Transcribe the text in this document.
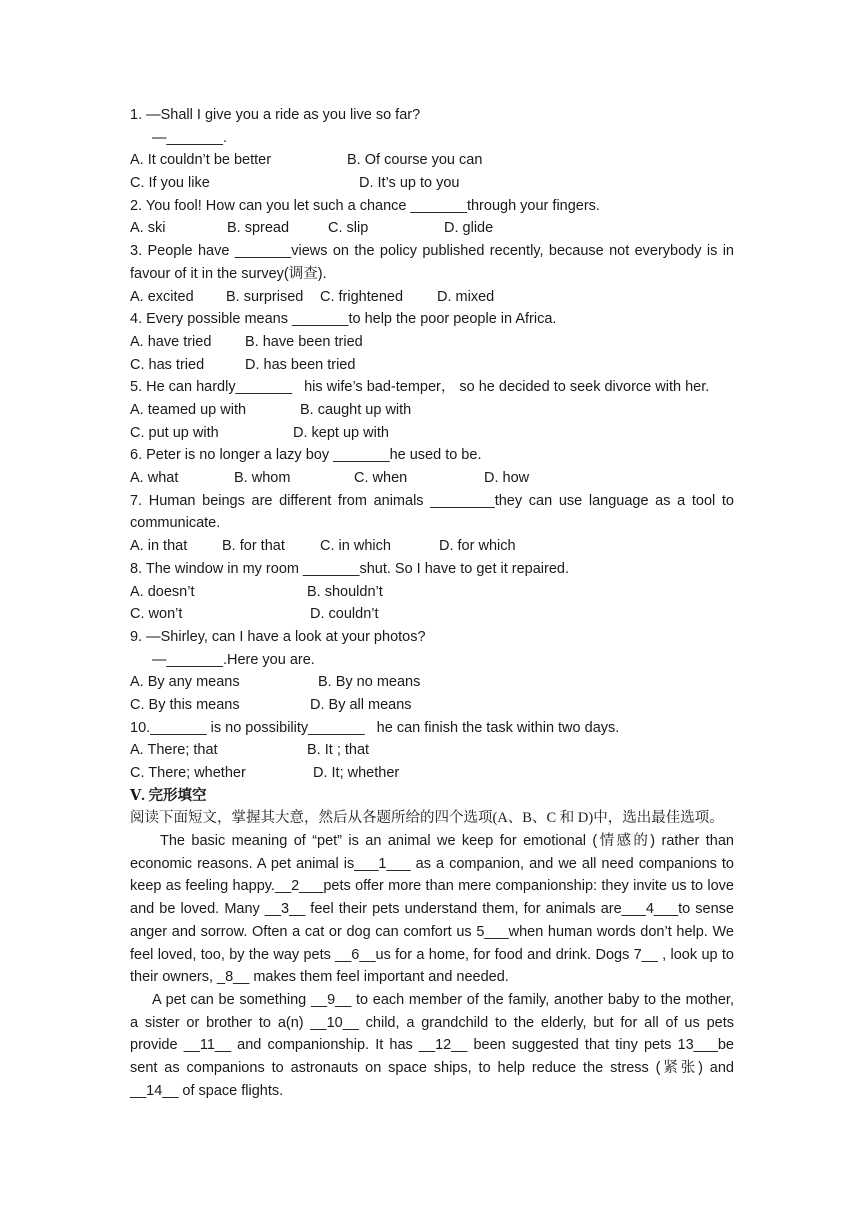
1. —Shall I give you a ride as you live so far?
—_______.
A. It couldn’t be better	B. Of course you can
C. If you like	D. It’s up to you
2. You fool! How can you let such a chance _______through your fingers.
A. ski	B. spread	C. slip	D. glide
3. People have _______views on the policy published recently, because not everybody is in favour of it in the survey(调查).
A. excited B. surprised C. frightened D. mixed
4. Every possible means _______to help the poor people in Africa.
A. have tried B. have been tried
C. has tried	D. has been tried
5. He can hardly_______   his wife’s bad-temper， so he decided to seek divorce with her.
A. teamed up with	B. caught up with
C. put up with	D. kept up with
6. Peter is no longer a lazy boy _______he used to be.
A. what	B. whom	C. when	D. how
7. Human beings are different from animals ________they can use language as a tool to communicate.
A. in that B. for that C. in which	D. for which
8. The window in my room _______shut. So I have to get it repaired.
A. doesn’t	B. shouldn’t
C. won’t	D. couldn’t
9. —Shirley, can I have a look at your photos?
—_______.Here you are.
A. By any means	B. By no means
C. By this means	D. By all means
10._______ is no possibility_______   he can finish the task within two days.
A. There; that	B. It ; that
C. There; whether	D. It; whether
Ⅴ. 完形填空
阅读下面短文，掌握其大意，然后从各题所给的四个选项(A、B、C 和 D)中，选出最佳选项。
The basic meaning of “pet” is an animal we keep for emotional (情感的) rather than economic reasons. A pet animal is___1___ as a companion, and we all need companions to keep as feeling happy.__2___pets offer more than mere companionship: they invite us to love and be loved. Many __3__ feel their pets understand them, for animals are___4___to sense anger and sorrow. Often a cat or dog can comfort us 5___when human words don’t help. We feel loved, too, by the way pets __6__us for a home, for food and drink. Dogs 7__ , look up to their owners, _8__ makes them feel important and needed.
A pet can be something __9__ to each member of the family, another baby to the mother, a sister or brother to a(n) __10__ child, a grandchild to the elderly, but for all of us pets provide __11__ and companionship. It has __12__ been suggested that tiny pets 13___be sent as companions to astronauts on space ships, to help reduce the stress (紧张) and __14__ of space flights.
